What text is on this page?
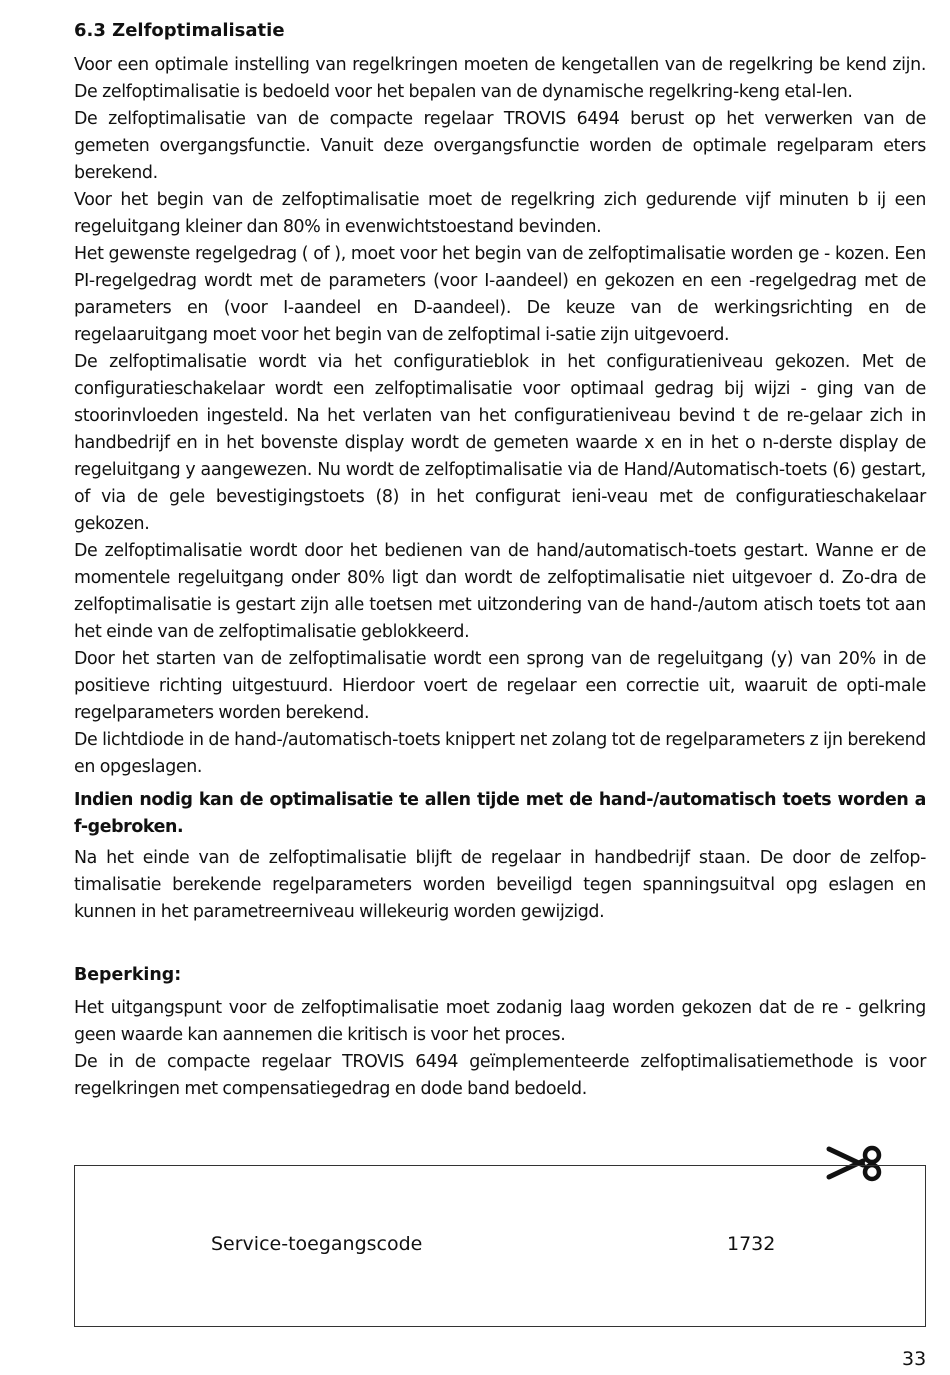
6.3 Zelfoptimalisatie

Voor een optimale instelling van regelkringen moeten de kengetallen van de regelkring be kend zijn. De zelfoptimalisatie is bedoeld voor het bepalen van de dynamische regelkring-keng etal-len.

De zelfoptimalisatie van de compacte regelaar TROVIS 6494 berust op het verwerken van de gemeten overgangsfunctie. Vanuit deze overgangsfunctie worden de optimale regelparam eters berekend.

Voor het begin van de zelfoptimalisatie moet de regelkring zich gedurende vijf minuten b ij een regeluitgang kleiner dan 80% in evenwichtstoestand bevinden.

Het gewenste regelgedrag ( of ), moet voor het begin van de zelfoptimalisatie worden ge - kozen. Een PI-regelgedrag wordt met de parameters (voor I-aandeel) en gekozen en een -regelgedrag met de parameters en (voor I-aandeel en D-aandeel). De keuze van de werkingsrichting en de regelaaruitgang moet voor het begin van de zelfoptimal i-satie zijn uitgevoerd.

De zelfoptimalisatie wordt via het configuratieblok in het configuratieniveau gekozen. Met de configuratieschakelaar wordt een zelfoptimalisatie voor optimaal gedrag bij wijzi - ging van de stoorinvloeden ingesteld. Na het verlaten van het configuratieniveau bevind t de re-gelaar zich in handbedrijf en in het bovenste display wordt de gemeten waarde x en in het o n-derste display de regeluitgang y aangewezen. Nu wordt de zelfoptimalisatie via de Hand/Automatisch-toets (6) gestart, of via de gele bevestigingstoets (8) in het configurat ieni-veau met de configuratieschakelaar gekozen.

De zelfoptimalisatie wordt door het bedienen van de hand/automatisch-toets gestart. Wanne er de momentele regeluitgang onder 80% ligt dan wordt de zelfoptimalisatie niet uitgevoer d. Zo-dra de zelfoptimalisatie is gestart zijn alle toetsen met uitzondering van de hand-/autom atisch toets tot aan het einde van de zelfoptimalisatie geblokkeerd.

Door het starten van de zelfoptimalisatie wordt een sprong van de regeluitgang (y) van 20% in de positieve richting uitgestuurd. Hierdoor voert de regelaar een correctie uit, waaruit de opti-male regelparameters worden berekend.

De lichtdiode in de hand-/automatisch-toets knippert net zolang tot de regelparameters z ijn berekend en opgeslagen.

Indien nodig kan de optimalisatie te allen tijde met de hand-/automatisch toets worden a f-gebroken.

Na het einde van de zelfoptimalisatie blijft de regelaar in handbedrijf staan. De door de zelfop-timalisatie berekende regelparameters worden beveiligd tegen spanningsuitval opg eslagen en kunnen in het parametreerniveau willekeurig worden gewijzigd.

Beperking:

Het uitgangspunt voor de zelfoptimalisatie moet zodanig laag worden gekozen dat de re - gelkring geen waarde kan aannemen die kritisch is voor het proces.

De in de compacte regelaar TROVIS 6494 geïmplementeerde zelfoptimalisatiemethode is voor regelkringen met compensatiegedrag en dode band bedoeld.

Service-toegangscode	1732
33
